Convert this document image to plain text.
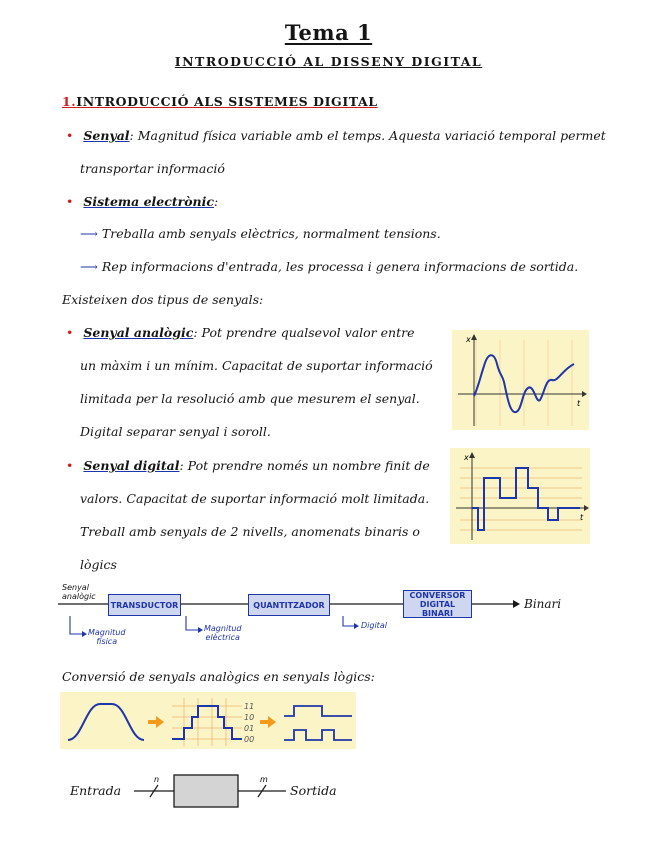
Tema 1
INTRODUCCIÓ AL DISSENY DIGITAL
1.INTRODUCCIÓ ALS SISTEMES DIGITAL
• Senyal: Magnitud física variable amb el temps. Aquesta variació temporal permet
transportar informació
• Sistema electrònic:
⟶ Treballa amb senyals elèctrics, normalment tensions.
⟶ Rep informacions d'entrada, les processa i genera informacions de sortida.
Existeixen dos tipus de senyals:
• Senyal analògic: Pot prendre qualsevol valor entre
un màxim i un mínim. Capacitat de suportar informació
limitada per la resolució amb que mesurem el senyal.
Digital separar senyal i soroll.
x
t
• Senyal digital: Pot prendre només un nombre finit de
valors. Capacitat de suportar informació molt limitada.
Treball amb senyals de 2 nivells, anomenats binaris o
lògics
x
t
Senyal
analògic
TRANSDUCTOR	QUANTITZADOR
CONVERSOR DIGITAL BINARI
Binari
Magnitud
física
Magnitud
elèctrica
Digital
Conversió de senyals analògics en senyals lògics:
11
10
01
00
n	m
Entrada	Sortida
